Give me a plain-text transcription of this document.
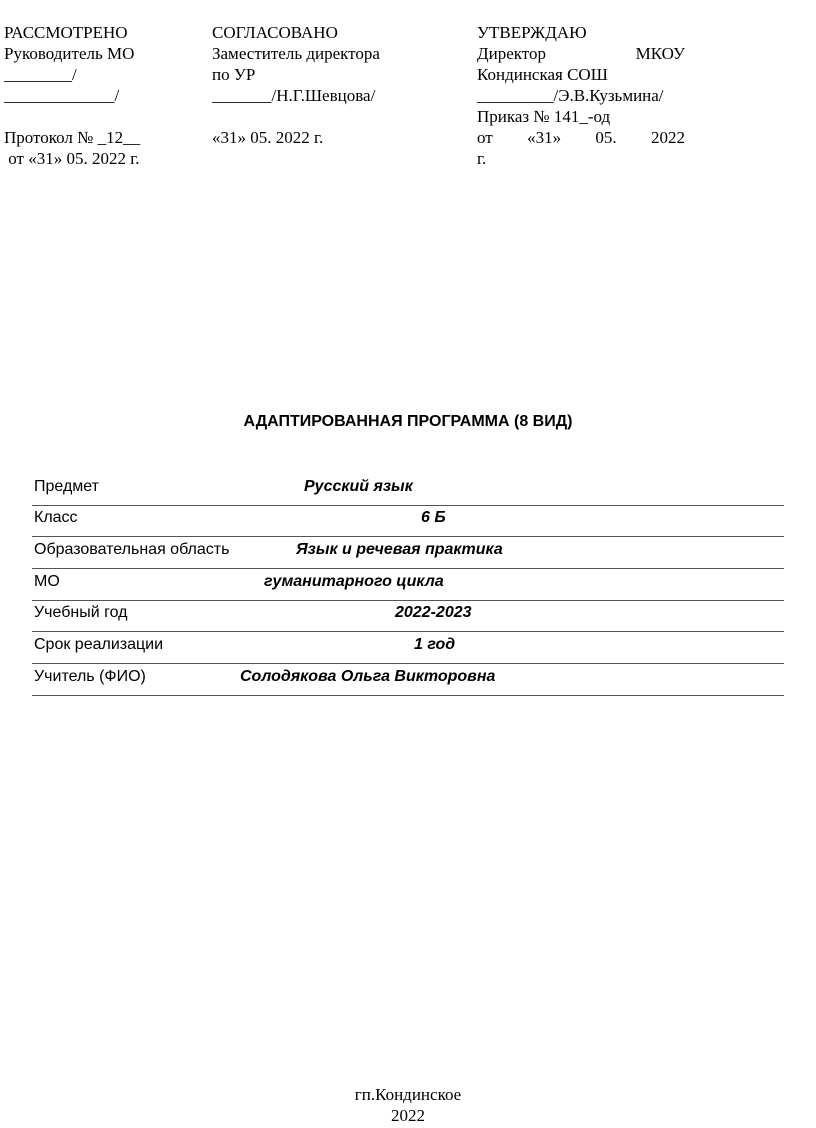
РАССМОТРЕНО
Руководитель МО
________/
_____________/

Протокол № _12__
от «31» 05. 2022 г.
СОГЛАСОВАНО
Заместитель директора
по УР
_______/Н.Г.Шевцова/

«31» 05. 2022 г.
УТВЕРЖДАЮ
Директор	МКОУ
Кондинская СОШ
_________/Э.В.Кузьмина/
Приказ № 141_-од
от «31» 05. 2022
г.
АДАПТИРОВАННАЯ ПРОГРАММА (8 ВИД)
Предмет	Русский язык
Класс	6 Б
Образовательная область	Язык и речевая практика
МО	гуманитарного цикла
Учебный год	2022-2023
Срок реализации	1 год
Учитель (ФИО)	Солодякова Ольга Викторовна
гп.Кондинское
2022
